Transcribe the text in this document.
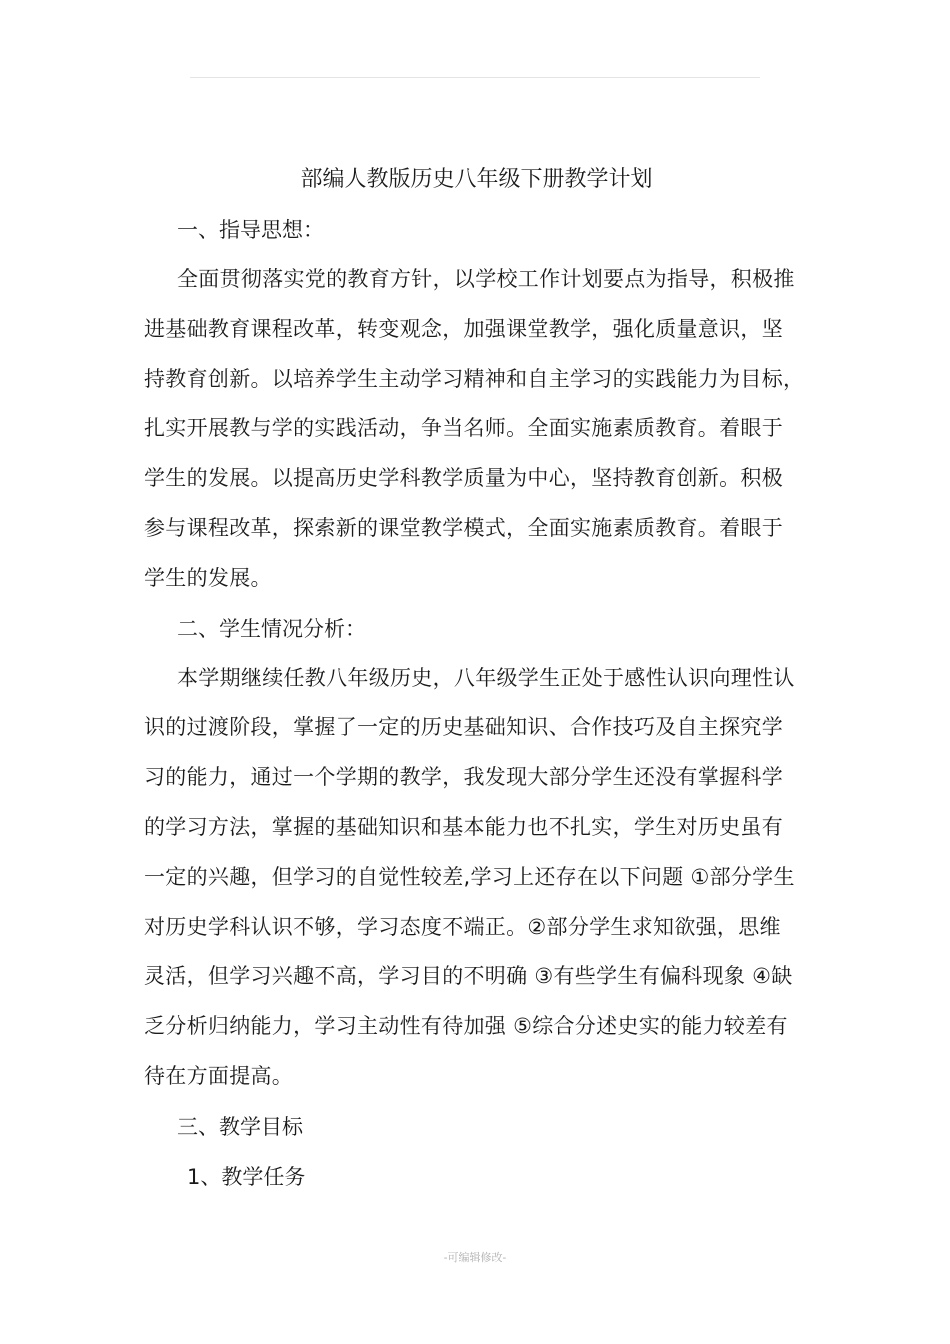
部编人教版历史八年级下册教学计划
一、指导思想：
全面贯彻落实党的教育方针，以学校工作计划要点为指导，积极推
进基础教育课程改革，转变观念，加强课堂教学，强化质量意识，坚
持教育创新。以培养学生主动学习精神和自主学习的实践能力为目标，
扎实开展教与学的实践活动，争当名师。全面实施素质教育。着眼于
学生的发展。以提高历史学科教学质量为中心，坚持教育创新。积极
参与课程改革，探索新的课堂教学模式，全面实施素质教育。着眼于
学生的发展。
二、学生情况分析：
本学期继续任教八年级历史，八年级学生正处于感性认识向理性认
识的过渡阶段，掌握了一定的历史基础知识、合作技巧及自主探究学
习的能力，通过一个学期的教学，我发现大部分学生还没有掌握科学
的学习方法，掌握的基础知识和基本能力也不扎实，学生对历史虽有
一定的兴趣，但学习的自觉性较差,学习上还存在以下问题 ①部分学生
对历史学科认识不够，学习态度不端正。②部分学生求知欲强，思维
灵活，但学习兴趣不高，学习目的不明确 ③有些学生有偏科现象 ④缺
乏分析归纳能力，学习主动性有待加强 ⑤综合分述史实的能力较差有
待在方面提高。
三、教学目标
1、教学任务
-可编辑修改-
